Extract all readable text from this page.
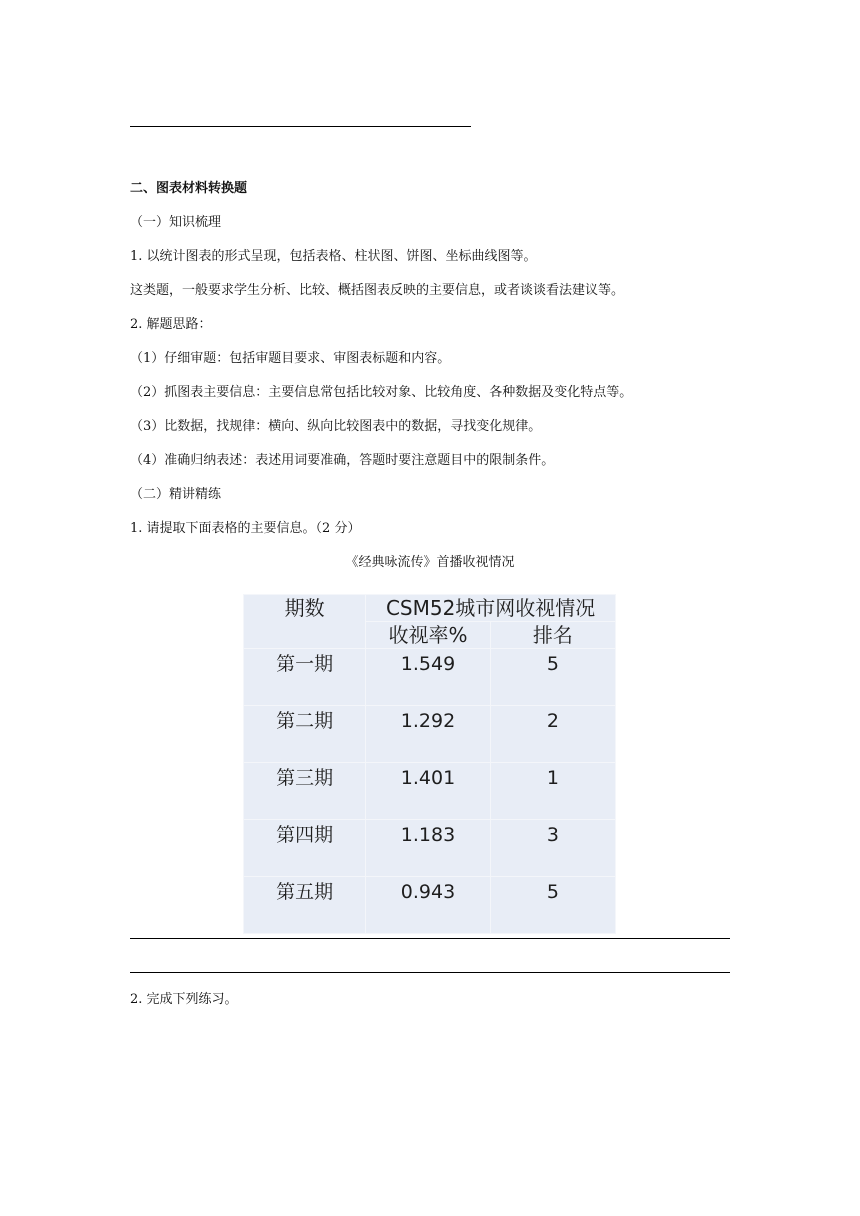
二、图表材料转换题
（一）知识梳理
1. 以统计图表的形式呈现，包括表格、柱状图、饼图、坐标曲线图等。
这类题，一般要求学生分析、比较、概括图表反映的主要信息，或者谈谈看法建议等。
2. 解题思路：
（1）仔细审题：包括审题目要求、审图表标题和内容。
（2）抓图表主要信息：主要信息常包括比较对象、比较角度、各种数据及变化特点等。
（3）比数据，找规律：横向、纵向比较图表中的数据，寻找变化规律。
（4）准确归纳表述：表述用词要准确，答题时要注意题目中的限制条件。
（二）精讲精练
1. 请提取下面表格的主要信息。（2 分）
《经典咏流传》首播收视情况
期数	CSM52城市网收视情况	
	收视率%	排名
第一期	1.549	5
第二期	1.292	2
第三期	1.401	1
第四期	1.183	3
第五期	0.943	5
2. 完成下列练习。
